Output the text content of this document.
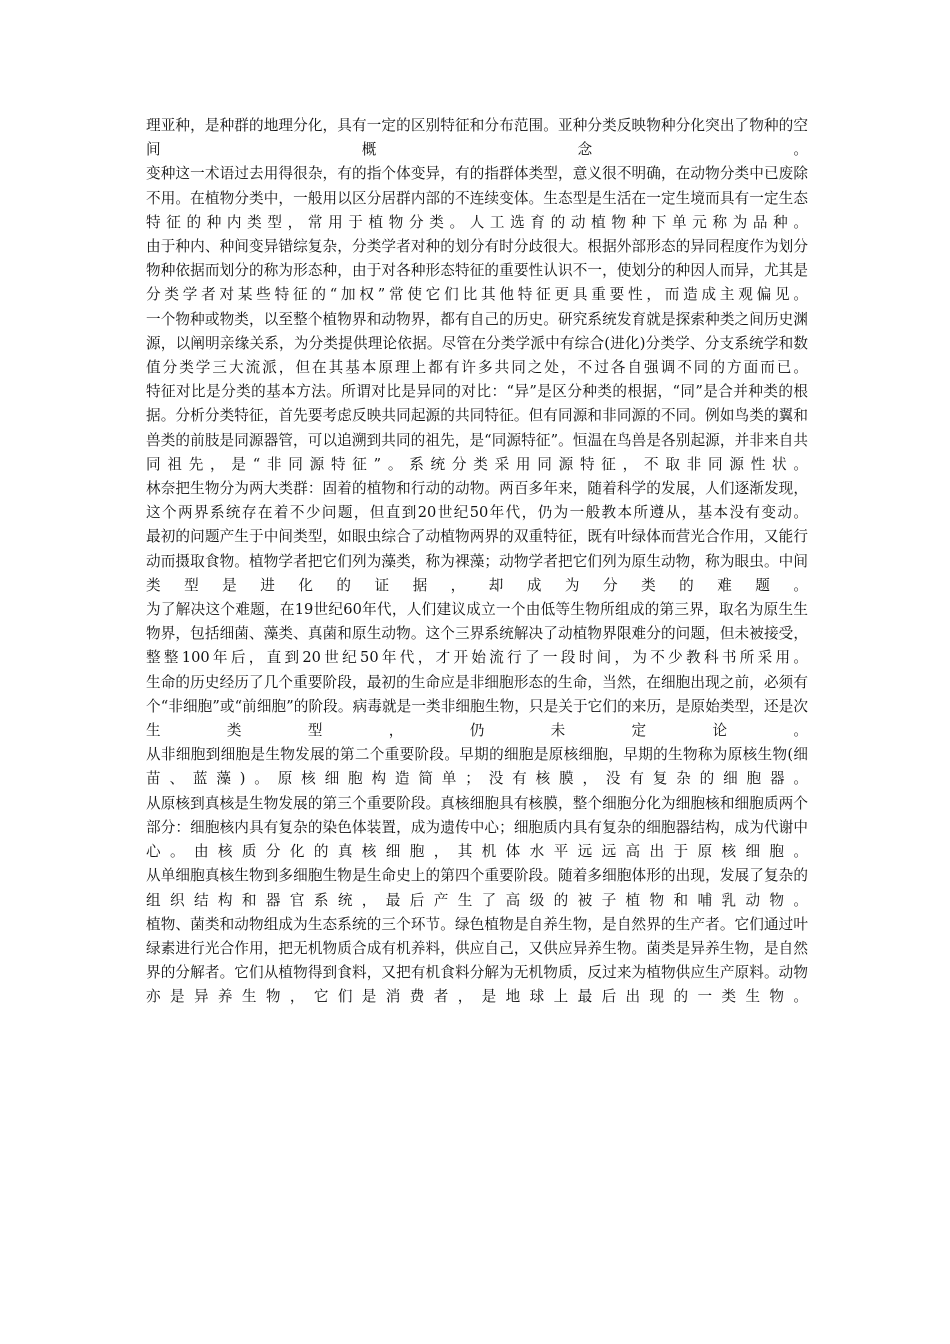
理亚种，是种群的地理分化，具有一定的区别特征和分布范围。亚种分类反映物种分化突出了物种的空间概念。

变种这一术语过去用得很杂，有的指个体变异，有的指群体类型，意义很不明确，在动物分类中已废除不用。在植物分类中，一般用以区分居群内部的不连续变体。生态型是生活在一定生境而具有一定生态特征的种内类型，常用于植物分类。人工选育的动植物种下单元称为品种。

由于种内、种间变异错综复杂，分类学者对种的划分有时分歧很大。根据外部形态的异同程度作为划分物种依据而划分的称为形态种，由于对各种形态特征的重要性认识不一，使划分的种因人而异，尤其是分类学者对某些特征的“加权”常使它们比其他特征更具重要性，而造成主观偏见。

一个物种或物类，以至整个植物界和动物界，都有自己的历史。研究系统发育就是探索种类之间历史渊源，以阐明亲缘关系，为分类提供理论依据。尽管在分类学派中有综合(进化)分类学、分支系统学和数值分类学三大流派，但在其基本原理上都有许多共同之处，不过各自强调不同的方面而已。

特征对比是分类的基本方法。所谓对比是异同的对比：“异”是区分种类的根据，“同”是合并种类的根据。分析分类特征，首先要考虑反映共同起源的共同特征。但有同源和非同源的不同。例如鸟类的翼和兽类的前肢是同源器管，可以追溯到共同的祖先，是“同源特征”。恒温在鸟兽是各别起源，并非来自共同祖先，是“非同源特征”。系统分类采用同源特征，不取非同源性状。

林奈把生物分为两大类群：固着的植物和行动的动物。两百多年来，随着科学的发展，人们逐渐发现，这个两界系统存在着不少问题，但直到20世纪50年代，仍为一般教本所遵从，基本没有变动。

最初的问题产生于中间类型，如眼虫综合了动植物两界的双重特征，既有叶绿体而营光合作用，又能行动而摄取食物。植物学者把它们列为藻类，称为裸藻；动物学者把它们列为原生动物，称为眼虫。中间类型是进化的证据，却成为分类的难题。

为了解决这个难题，在19世纪60年代，人们建议成立一个由低等生物所组成的第三界，取名为原生生物界，包括细菌、藻类、真菌和原生动物。这个三界系统解决了动植物界限难分的问题，但未被接受，整整100年后，直到20世纪50年代，才开始流行了一段时间，为不少教科书所采用。

生命的历史经历了几个重要阶段，最初的生命应是非细胞形态的生命，当然，在细胞出现之前，必须有个“非细胞”或“前细胞”的阶段。病毒就是一类非细胞生物，只是关于它们的来历，是原始类型，还是次生类型，仍未定论。

从非细胞到细胞是生物发展的第二个重要阶段。早期的细胞是原核细胞，早期的生物称为原核生物(细苗、蓝藻)。原核细胞构造简单；没有核膜，没有复杂的细胞器。

从原核到真核是生物发展的第三个重要阶段。真核细胞具有核膜，整个细胞分化为细胞核和细胞质两个部分：细胞核内具有复杂的染色体装置，成为遗传中心；细胞质内具有复杂的细胞器结构，成为代谢中心。由核质分化的真核细胞，其机体水平远远高出于原核细胞。

从单细胞真核生物到多细胞生物是生命史上的第四个重要阶段。随着多细胞体形的出现，发展了复杂的组织结构和器官系统，最后产生了高级的被子植物和哺乳动物。

植物、菌类和动物组成为生态系统的三个环节。绿色植物是自养生物，是自然界的生产者。它们通过叶绿素进行光合作用，把无机物质合成有机养料，供应自己，又供应异养生物。菌类是异养生物，是自然界的分解者。它们从植物得到食料，又把有机食料分解为无机物质，反过来为植物供应生产原料。动物亦是异养生物，它们是消费者，是地球上最后出现的一类生物。
